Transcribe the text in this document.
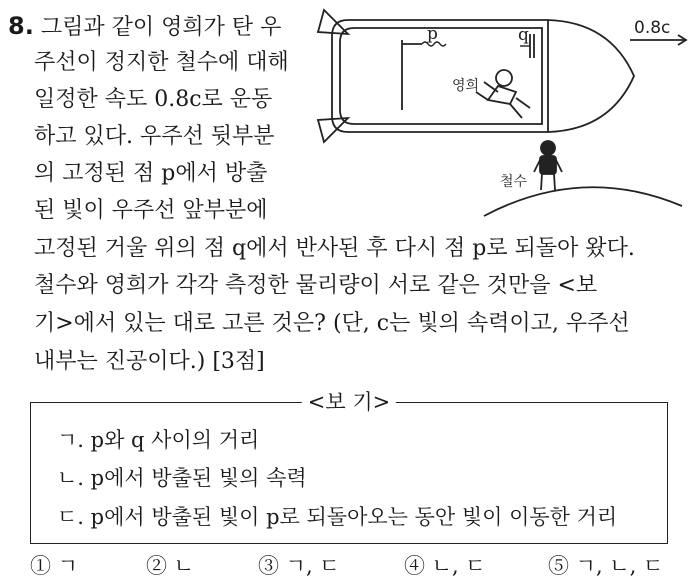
8. 그림과 같이 영희가 탄 우
주선이 정지한 철수에 대해
일정한 속도 0.8c로 운동
하고 있다. 우주선 뒷부분
의 고정된 점 p에서 방출
된 빛이 우주선 앞부분에
고정된 거울 위의 점 q에서 반사된 후 다시 점 p로 되돌아 왔다.
철수와 영희가 각각 측정한 물리량이 서로 같은 것만을 <보
기>에서 있는 대로 고른 것은? (단, c는 빛의 속력이고, 우주선
내부는 진공이다.) [3점]
p	q	0.8c
영희
철수
<보 기>
ㄱ. p와 q 사이의 거리
ㄴ. p에서 방출된 빛의 속력
ㄷ. p에서 방출된 빛이 p로 되돌아오는 동안 빛이 이동한 거리
① ㄱ	② ㄴ	③ ㄱ, ㄷ	④ ㄴ, ㄷ	⑤ ㄱ, ㄴ, ㄷ
